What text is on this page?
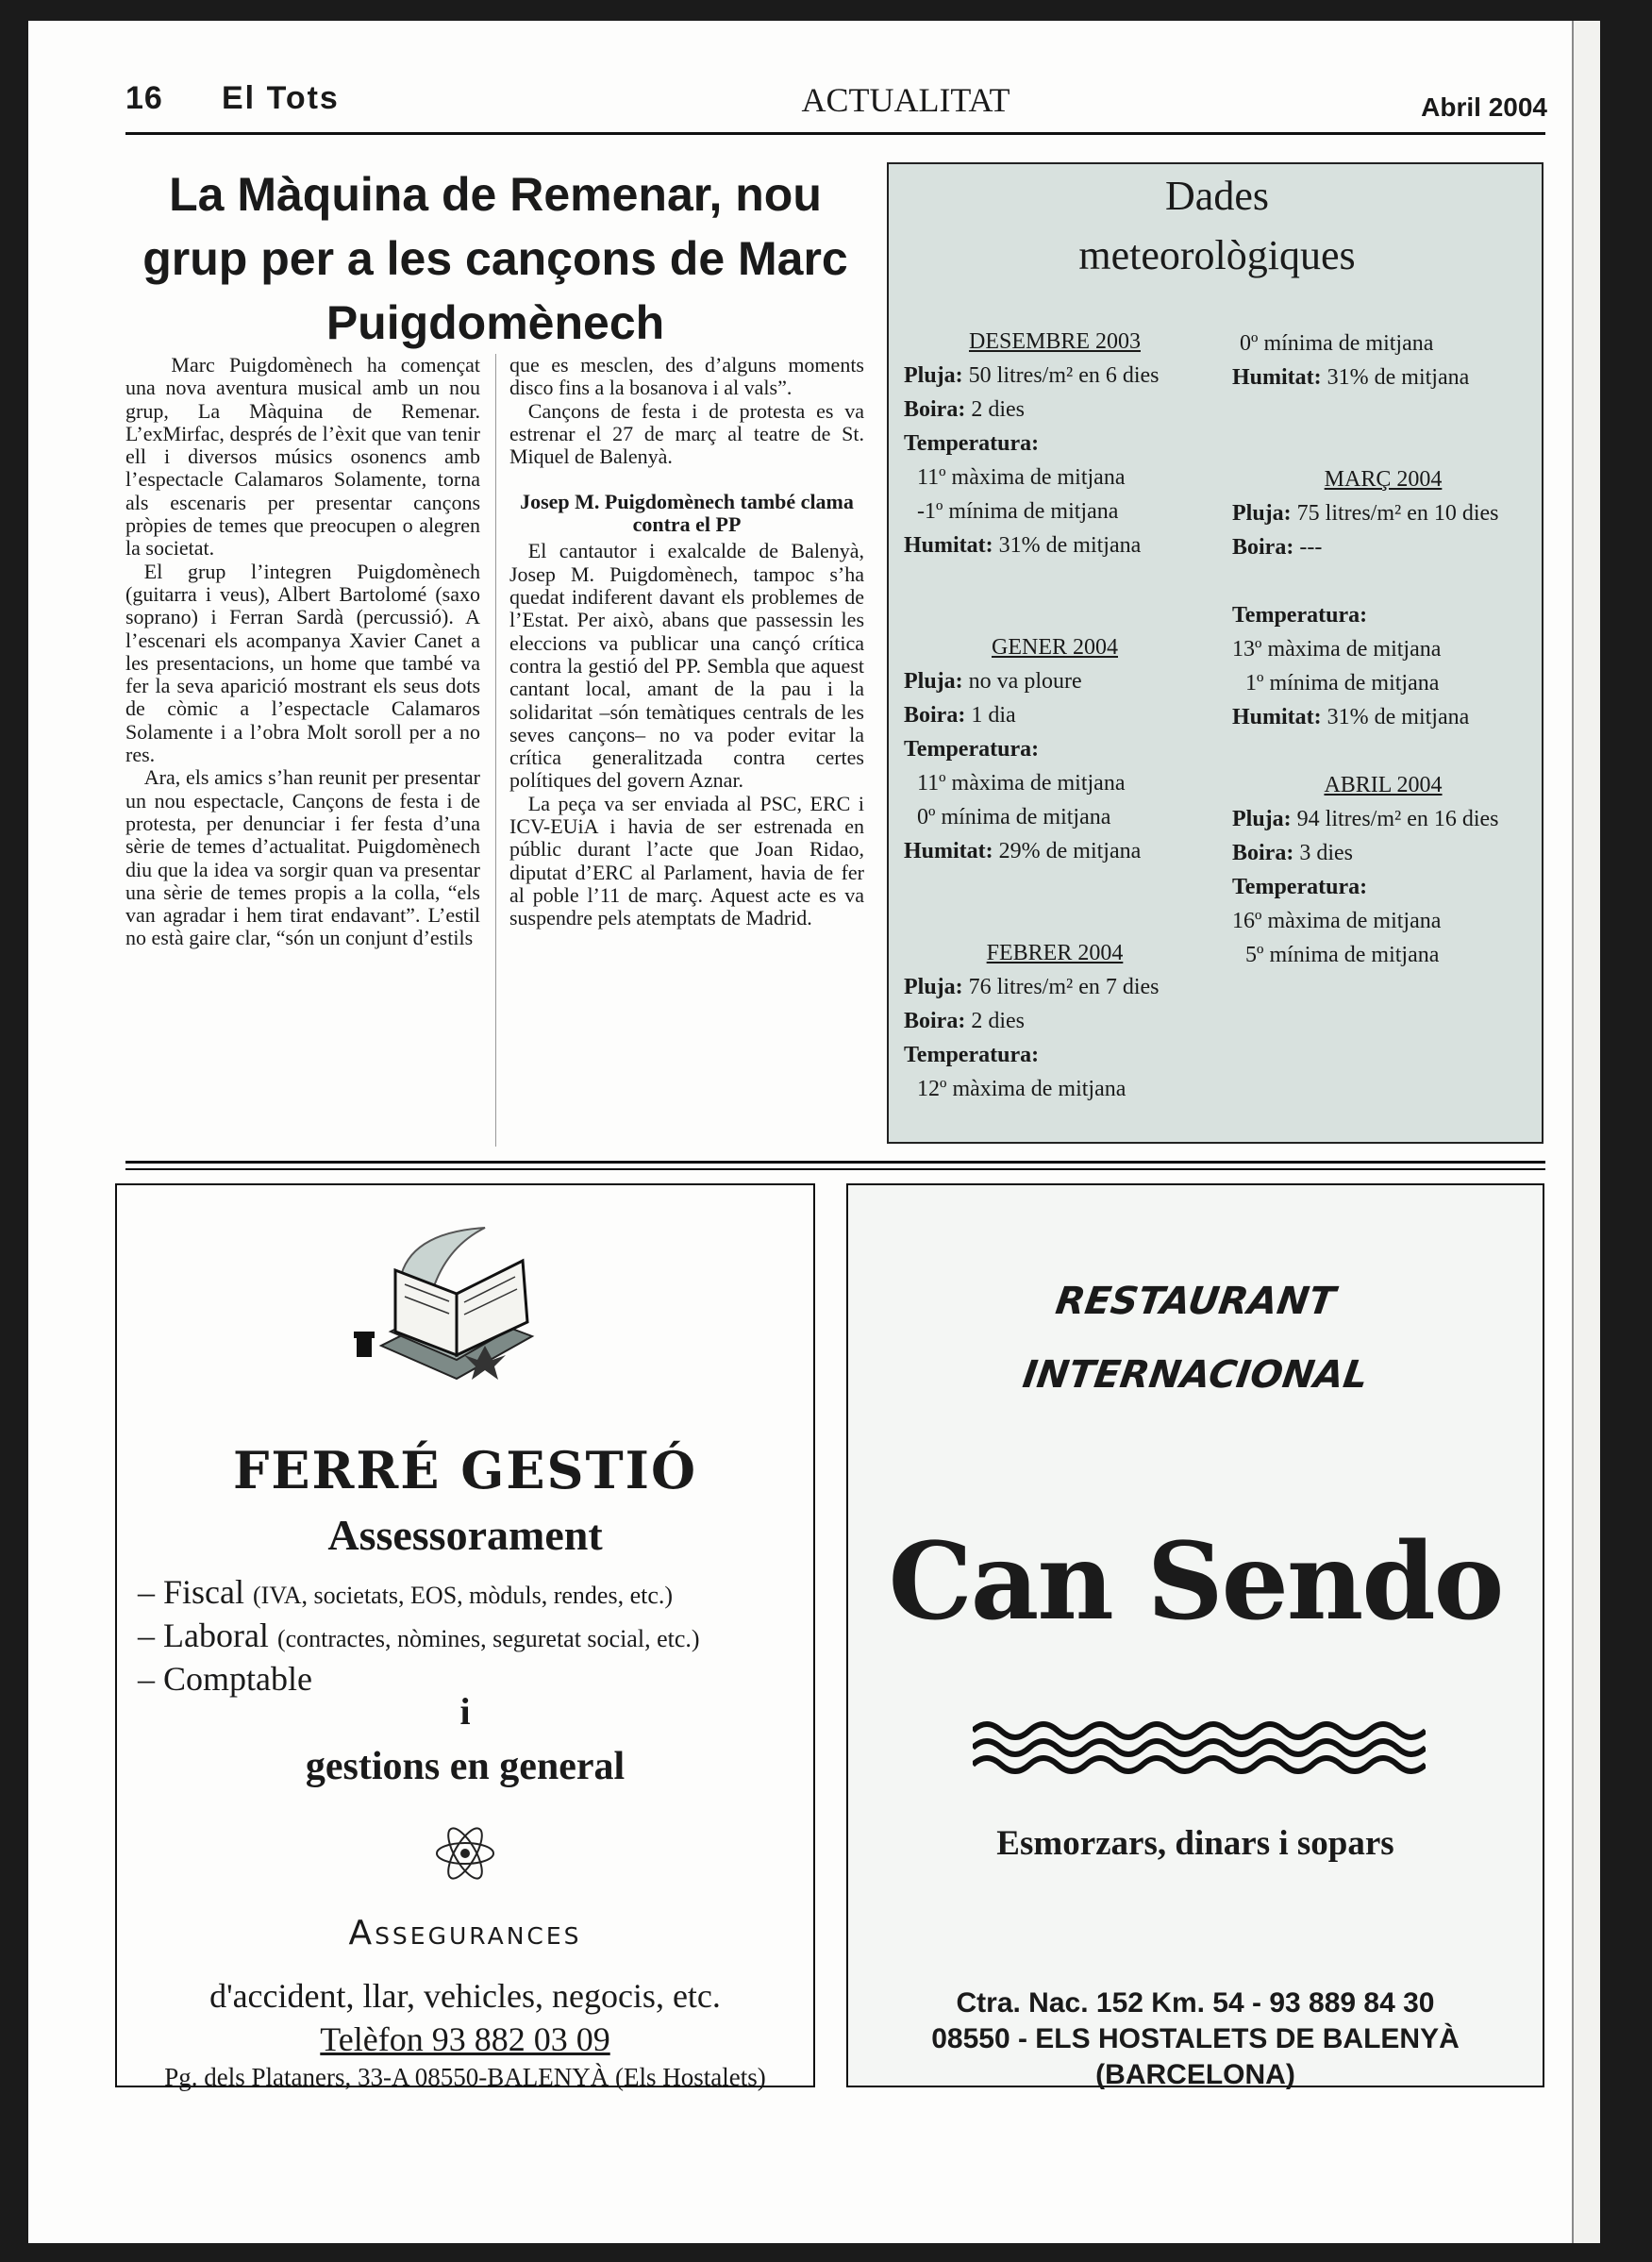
16 El Tots	ACTUALITAT	Abril 2004
La Màquina de Remenar, nou grup per a les cançons de Marc Puigdomènech

Marc Puigdomènech ha començat una nova aventura musical amb un nou grup, La Màquina de Remenar. L’exMirfac, després de l’èxit que van tenir ell i diversos músics osonencs amb l’espectacle Calamaros Solamente, torna als escenaris per presentar cançons pròpies de temes que preocupen o alegren la societat.

El grup l’integren Puigdomènech (guitarra i veus), Albert Bartolomé (saxo soprano) i Ferran Sardà (percussió). A l’escenari els acompanya Xavier Canet a les presentacions, un home que també va fer la seva aparició mostrant els seus dots de còmic a l’espectacle Calamaros Solamente i a l’obra Molt soroll per a no res.

Ara, els amics s’han reunit per presentar un nou espectacle, Cançons de festa i de protesta, per denunciar i fer festa d’una sèrie de temes d’actualitat. Puigdomènech diu que la idea va sorgir quan va presentar una sèrie de temes propis a la colla, “els van agradar i hem tirat endavant”. L’estil no està gaire clar, “són un conjunt d’estils

que es mesclen, des d’alguns moments disco fins a la bosanova i al vals”.

Cançons de festa i de protesta es va estrenar el 27 de març al teatre de St. Miquel de Balenyà.

Josep M. Puigdomènech també clama contra el PP

El cantautor i exalcalde de Balenyà, Josep M. Puigdomènech, tampoc s’ha quedat indiferent davant els problemes de l’Estat. Per això, abans que passessin les eleccions va publicar una cançó crítica contra la gestió del PP. Sembla que aquest cantant local, amant de la pau i la solidaritat –són temàtiques centrals de les seves cançons– no va poder evitar la crítica generalitzada contra certes polítiques del govern Aznar.

La peça va ser enviada al PSC, ERC i ICV-EUiA i havia de ser estrenada en públic durant l’acte que Joan Ridao, diputat d’ERC al Parlament, havia de fer al poble l’11 de març. Aquest acte es va suspendre pels atemptats de Madrid.

Dades
meteorològiques

DESEMBRE 2003

Pluja: 50 litres/m² en 6 dies

Boira: 2 dies

Temperatura:

11º màxima de mitjana

-1º mínima de mitjana

Humitat: 31% de mitjana

GENER 2004

Pluja: no va ploure

Boira: 1 dia

Temperatura:

11º màxima de mitjana

0º mínima de mitjana

Humitat: 29% de mitjana

FEBRER 2004

Pluja: 76 litres/m² en 7 dies

Boira: 2 dies

Temperatura:

12º màxima de mitjana

0º mínima de mitjana

Humitat: 31% de mitjana

MARÇ 2004

Pluja: 75 litres/m² en 10 dies

Boira: ---

Temperatura:

13º màxima de mitjana

1º mínima de mitjana

Humitat: 31% de mitjana

ABRIL 2004

Pluja: 94 litres/m² en 16 dies

Boira: 3 dies

Temperatura:

16º màxima de mitjana

5º mínima de mitjana

FERRÉ GESTIÓ
Assessorament
– Fiscal (IVA, societats, EOS, mòduls, rendes, etc.)
– Laboral (contractes, nòmines, seguretat social, etc.)
– Comptable
i
gestions en general
Assegurances
d'accident, llar, vehicles, negocis, etc.
Telèfon 93 882 03 09
Pg. dels Plataners, 33-A 08550-BALENYÀ (Els Hostalets)
RESTAURANT
INTERNACIONAL
Can Sendo
Esmorzars, dinars i sopars
Ctra. Nac. 152 Km. 54 - 93 889 84 30
08550 - ELS HOSTALETS DE BALENYÀ
(BARCELONA)
